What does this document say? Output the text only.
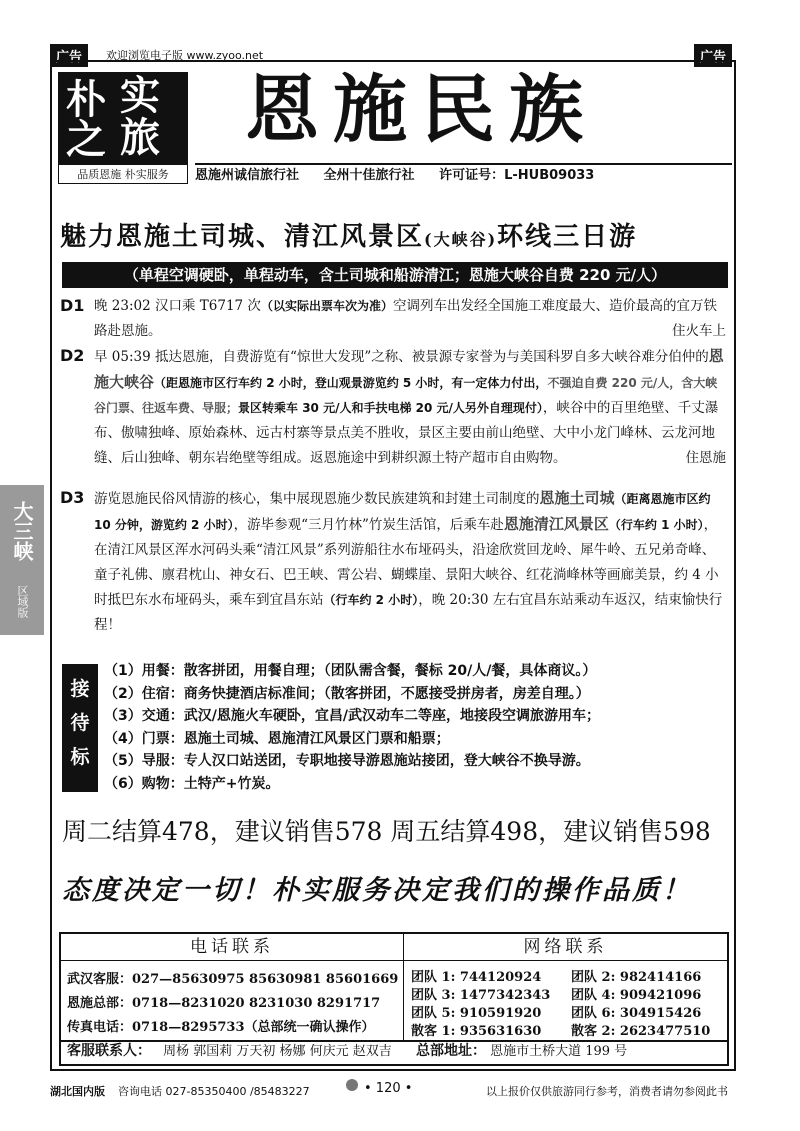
广告	欢迎浏览电子版 www.zyoo.net	广告
朴 实
之 旅
品质恩施 朴实服务
恩施民族
恩施州诚信旅行社 全州十佳旅行社 许可证号：L-HUB09033
魅力恩施土司城、清江风景区(大峡谷)环线三日游
（单程空调硬卧，单程动车，含土司城和船游清江；恩施大峡谷自费 220 元/人）
D1 晚 23:02 汉口乘 T6717 次（以实际出票车次为准）空调列车出发经全国施工难度最大、造价最高的宜万铁路赴恩施。	住火车上
D2 早 05:39 抵达恩施，自费游览有“惊世大发现”之称、被景源专家誉为与美国科罗自多大峡谷难分伯仲的恩施大峡谷（距恩施市区行车约 2 小时，登山观景游览约 5 小时，有一定体力付出，不强迫自费 220 元/人，含大峡谷门票、往返车费、导服；景区转乘车 30 元/人和手扶电梯 20 元/人另外自理现付），峡谷中的百里绝壁、千丈瀑布、傲啸独峰、原始森林、远古村寨等景点美不胜收，景区主要由前山绝壁、大中小龙门峰林、云龙河地缝、后山独峰、朝东岩绝壁等组成。返恩施途中到耕织源土特产超市自由购物。	住恩施
D3 游览恩施民俗风情游的核心，集中展现恩施少数民族建筑和封建土司制度的恩施土司城（距离恩施市区约 10 分钟，游览约 2 小时），游毕参观“三月竹林”竹炭生活馆，后乘车赴恩施清江风景区（行车约 1 小时），在清江风景区浑水河码头乘“清江风景”系列游船往水布垭码头，沿途欣赏回龙岭、犀牛岭、五兄弟奇峰、童子礼佛、廪君枕山、神女石、巴王峡、霄公岩、蝴蝶崖、景阳大峡谷、红花淌峰林等画廊美景，约 4 小时抵巴东水布垭码头，乘车到宜昌东站（行车约 2 小时），晚 20:30 左右宜昌东站乘动车返汉，结束愉快行程！
大三峡
区域版
接
待
标
（1）用餐：散客拼团，用餐自理；（团队需含餐，餐标 20/人/餐，具体商议。）
（2）住宿：商务快捷酒店标准间；（散客拼团，不愿接受拼房者，房差自理。）
（3）交通：武汉/恩施火车硬卧，宜昌/武汉动车二等座，地接段空调旅游用车；
（4）门票：恩施土司城、恩施清江风景区门票和船票；
（5）导服：专人汉口站送团，专职地接导游恩施站接团，登大峡谷不换导游。
（6）购物：土特产+竹炭。
周二结算478，建议销售578 周五结算498，建议销售598
态度决定一切！朴实服务决定我们的操作品质！
电话联系	网络联系
武汉客服：027—85630975 85630981 85601669
恩施总部：0718—8231020 8231030 8291717
传真电话：0718—8295733（总部统一确认操作）
团队 1: 744120924 团队 2: 982414166
团队 3: 1477342343 团队 4: 909421096
团队 5: 910591920 团队 6: 304915426
散客 1: 935631630 散客 2: 2623477510
客服联系人： 周杨 郭国莉 万天初 杨娜 何庆元 赵双吉 总部地址： 恩施市土桥大道 199 号
湖北国内版 咨询电话 027-85350400 /85483227	• 120 •	以上报价仅供旅游同行参考，消费者请勿参阅此书
